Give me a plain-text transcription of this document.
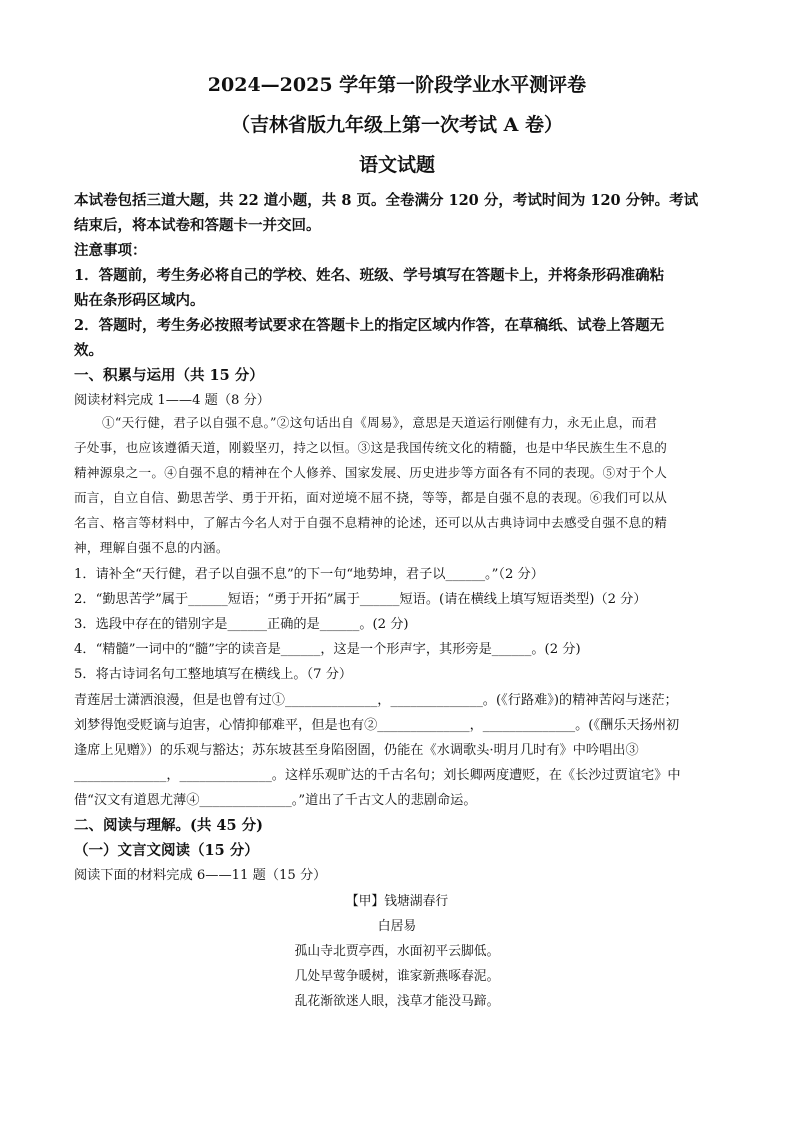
2024—2025 学年第一阶段学业水平测评卷
（吉林省版九年级上第一次考试 A 卷）
语文试题
本试卷包括三道大题，共 22 道小题，共 8 页。全卷满分 120 分，考试时间为 120 分钟。考试
结束后，将本试卷和答题卡一并交回。
注意事项：
1．答题前，考生务必将自己的学校、姓名、班级、学号填写在答题卡上，并将条形码准确粘
贴在条形码区域内。
2．答题时，考生务必按照考试要求在答题卡上的指定区域内作答，在草稿纸、试卷上答题无
效。
一、积累与运用（共 15 分）
阅读材料完成 1——4 题（8 分）
①“天行健，君子以自强不息。”②这句话出自《周易》，意思是天道运行刚健有力，永无止息，而君
子处事，也应该遵循天道，刚毅坚刃，持之以恒。③这是我国传统文化的精髓，也是中华民族生生不息的
精神源泉之一。④自强不息的精神在个人修养、国家发展、历史进步等方面各有不同的表现。⑤对于个人
而言，自立自信、勤思苦学、勇于开拓，面对逆境不屈不挠，等等，都是自强不息的表现。⑥我们可以从
名言、格言等材料中，了解古今名人对于自强不息精神的论述，还可以从古典诗词中去感受自强不息的精
神，理解自强不息的内涵。
1．请补全“天行健，君子以自强不息”的下一句“地势坤，君子以______。”（2 分）
2．“勤思苦学”属于______短语；“勇于开拓”属于______短语。(请在横线上填写短语类型)（2 分）
3．选段中存在的错别字是______正确的是______。(2 分)
4．“精髓”一词中的“髓”字的读音是______，这是一个形声字，其形旁是______。(2 分)
5．将古诗词名句工整地填写在横线上。（7 分）
青莲居士潇洒浪漫，但是也曾有过①______________，______________。(《行路难》)的精神苦闷与迷茫；
刘梦得饱受贬谪与迫害，心情抑郁难平，但是也有②______________，______________。(《酬乐天扬州初
逢席上见赠》）的乐观与豁达；苏东坡甚至身陷囹圄，仍能在《水调歌头·明月几时有》中吟唱出③
______________，______________。这样乐观旷达的千古名句；刘长卿两度遭贬，在《长沙过贾谊宅》中
借“汉文有道恩尤薄④______________。”道出了千古文人的悲剧命运。
二、阅读与理解。(共 45 分)
（一）文言文阅读（15 分）
阅读下面的材料完成 6——11 题（15 分）
【甲】钱塘湖春行
白居易
孤山寺北贾亭西，水面初平云脚低。
几处早莺争暖树，谁家新燕啄春泥。
乱花渐欲迷人眼，浅草才能没马蹄。
